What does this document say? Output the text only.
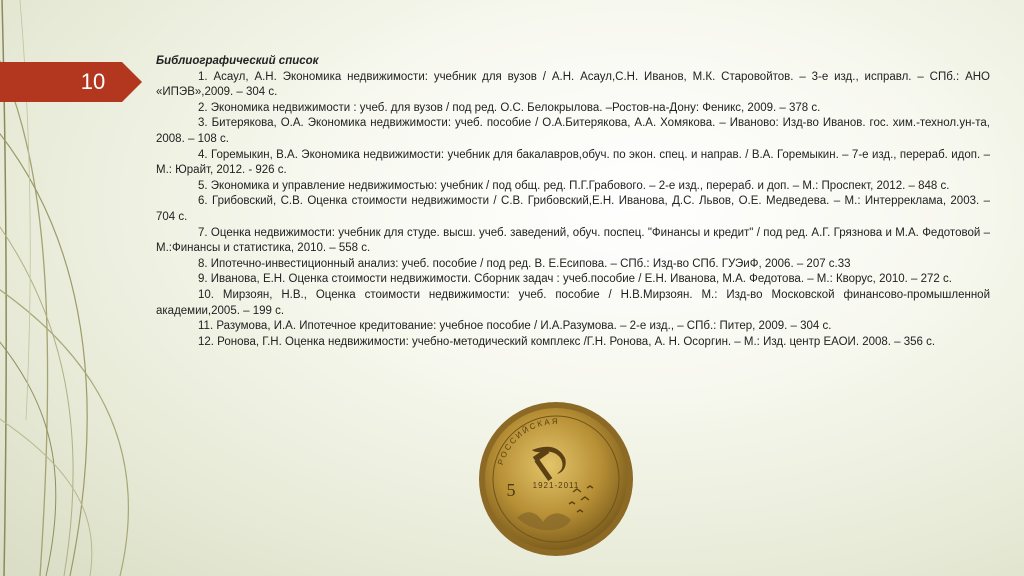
10
Библиографический список

1. Асаул, А.Н. Экономика недвижимости: учебник для вузов / А.Н. Асаул,С.Н. Иванов, М.К. Старовойтов. – 3-е изд., исправл. – СПб.: АНО «ИПЭВ»,2009. – 304 с.

2. Экономика недвижимости : учеб. для вузов / под ред. О.С. Белокрылова. –Ростов-на-Дону: Феникс, 2009. – 378 с.

3. Битерякова, О.А. Экономика недвижимости: учеб. пособие / О.А.Битерякова, А.А. Хомякова. – Иваново: Изд-во Иванов. гос. хим.-технол.ун-та, 2008. – 108 с.

4. Горемыкин, В.А. Экономика недвижимости: учебник для бакалавров,обуч. по экон. спец. и направ. / В.А. Горемыкин. – 7-е изд., перераб. идоп. – М.: Юрайт, 2012. - 926 с.

5. Экономика и управление недвижимостью: учебник / под общ. ред. П.Г.Грабового. – 2-е изд., перераб. и доп. – М.: Проспект, 2012. – 848 с.

6. Грибовский, С.В. Оценка стоимости недвижимости / С.В. Грибовский,Е.Н. Иванова, Д.С. Львов, О.Е. Медведева. – М.: Интерреклама, 2003. – 704 с.

7. Оценка недвижимости: учебник для студе. высш. учеб. заведений, обуч. поспец. "Финансы и кредит" / под ред. А.Г. Грязнова и М.А. Федотовой – М.:Финансы и статистика, 2010. – 558 с.

8. Ипотечно-инвестиционный анализ: учеб. пособие / под ред. В. Е.Есипова. – СПб.: Изд-во СПб. ГУЭиФ, 2006. – 207 с.33

9. Иванова, Е.Н. Оценка стоимости недвижимости. Сборник задач : учеб.пособие / Е.Н. Иванова, М.А. Федотова. – М.: Кворус, 2010. – 272 с.

10. Мирзоян, Н.В., Оценка стоимости недвижимости: учеб. пособие / Н.В.Мирзоян. М.: Изд-во Московской финансово-промышленной академии,2005. – 199 с.

11. Разумова, И.А. Ипотечное кредитование: учебное пособие / И.А.Разумова. – 2-е изд., – СПб.: Питер, 2009. – 304 с.

12. Ронова, Г.Н. Оценка недвижимости: учебно-методический комплекс /Г.Н. Ронова, А. Н. Осоргин. – М.: Изд. центр ЕАОИ. 2008. – 356 с.

РОССИЙСКАЯ
1921-2011
5
